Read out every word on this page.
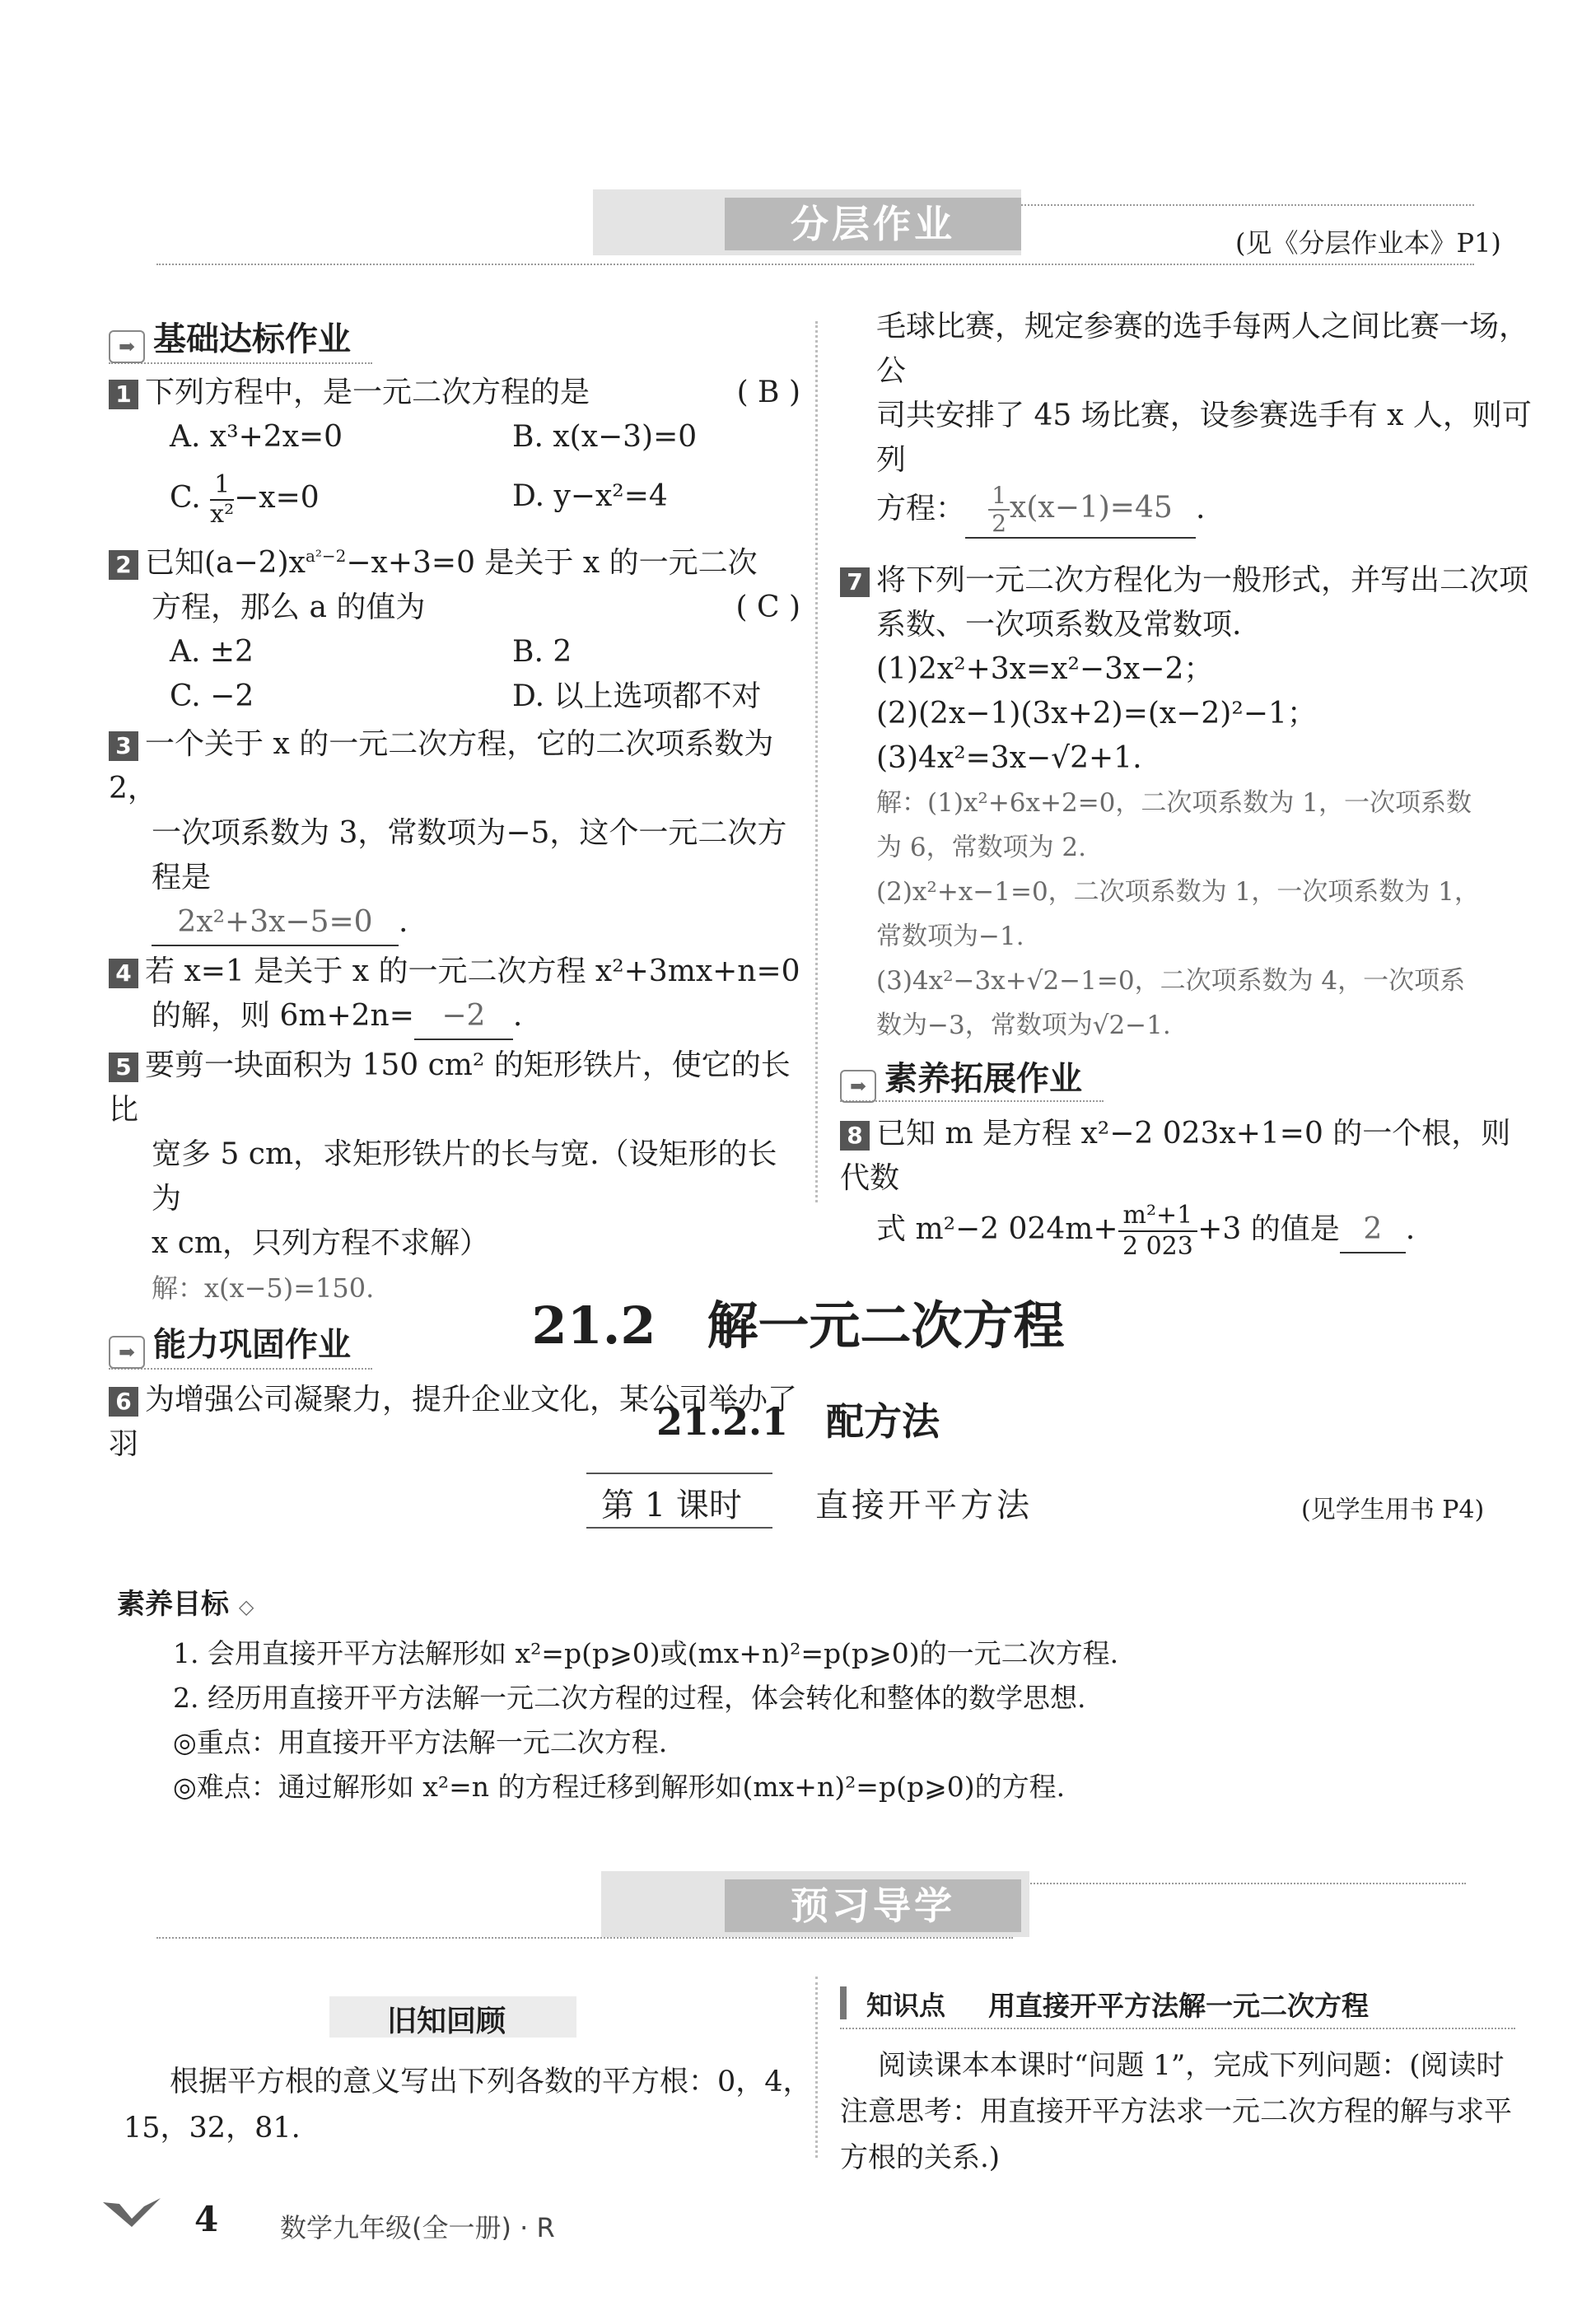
分层作业	(见《分层作业本》P1)
➡ 基础达标作业
1 下列方程中，是一元二次方程的是	( B )
A. x³+2x=0	B. x(x−3)=0
C. $\frac{1}{\text{x²}} -x=0$	D. y−x²=4
2 已知$(a-2)x^{a^2-2}-x+3=0$ 是关于 x 的一元二次
方程，那么 a 的值为	( C )
A. ±2	B. 2
C. −2	D. 以上选项都不对
3 一个关于 x 的一元二次方程，它的二次项系数为 2，
一次项系数为 3，常数项为−5，这个一元二次方程是
2x²+3x−5=0 .
4 若 x=1 是关于 x 的一元二次方程 x²+3mx+n=0
的解，则 6m+2n= −2 .
5 要剪一块面积为 150 cm² 的矩形铁片，使它的长比
宽多 5 cm，求矩形铁片的长与宽.（设矩形的长为
x cm，只列方程不求解）
解：x(x−5)=150.
➡ 能力巩固作业
6 为增强公司凝聚力，提升企业文化，某公司举办了羽
毛球比赛，规定参赛的选手每两人之间比赛一场，公
司共安排了 45 场比赛，设参赛选手有 x 人，则可列
方程： $\frac{1}{2} x(x-1)=45$ .
7 将下列一元二次方程化为一般形式，并写出二次项
系数、一次项系数及常数项.
(1)2x²+3x=x²−3x−2；
(2)(2x−1)(3x+2)=(x−2)²−1；
(3)4x²=3x−√2+1.
解：(1)x²+6x+2=0，二次项系数为 1，一次项系数
为 6，常数项为 2.
(2)x²+x−1=0，二次项系数为 1，一次项系数为 1，
常数项为−1.
(3)4x²−3x+√2−1=0，二次项系数为 4，一次项系
数为−3，常数项为√2−1.
➡ 素养拓展作业
8 已知 m 是方程 x²−2 023x+1=0 的一个根，则代数
式 m²−2 $024m+ \frac{\text{m²+1}}{2 023} +3$ 的值是 2 .
21.2　解一元二次方程
21.2.1　配方法
第 1 课时 直接开平方法	(见学生用书 P4)
素养目标 ◇
1. 会用直接开平方法解形如 x²=p(p⩾0)或(mx+n)²=p(p⩾0)的一元二次方程.
2. 经历用直接开平方法解一元二次方程的过程，体会转化和整体的数学思想.
◎重点：用直接开平方法解一元二次方程.
◎难点：通过解形如 x²=n 的方程迁移到解形如(mx+n)²=p(p⩾0)的方程.
预习导学
旧知回顾
根据平方根的意义写出下列各数的平方根：0，4，
15，32，81.
知识点 用直接开平方法解一元二次方程
阅读课本本课时“问题 1”，完成下列问题：(阅读时
注意思考：用直接开平方法求一元二次方程的解与求平
方根的关系.)
4 数学九年级(全一册) · R
